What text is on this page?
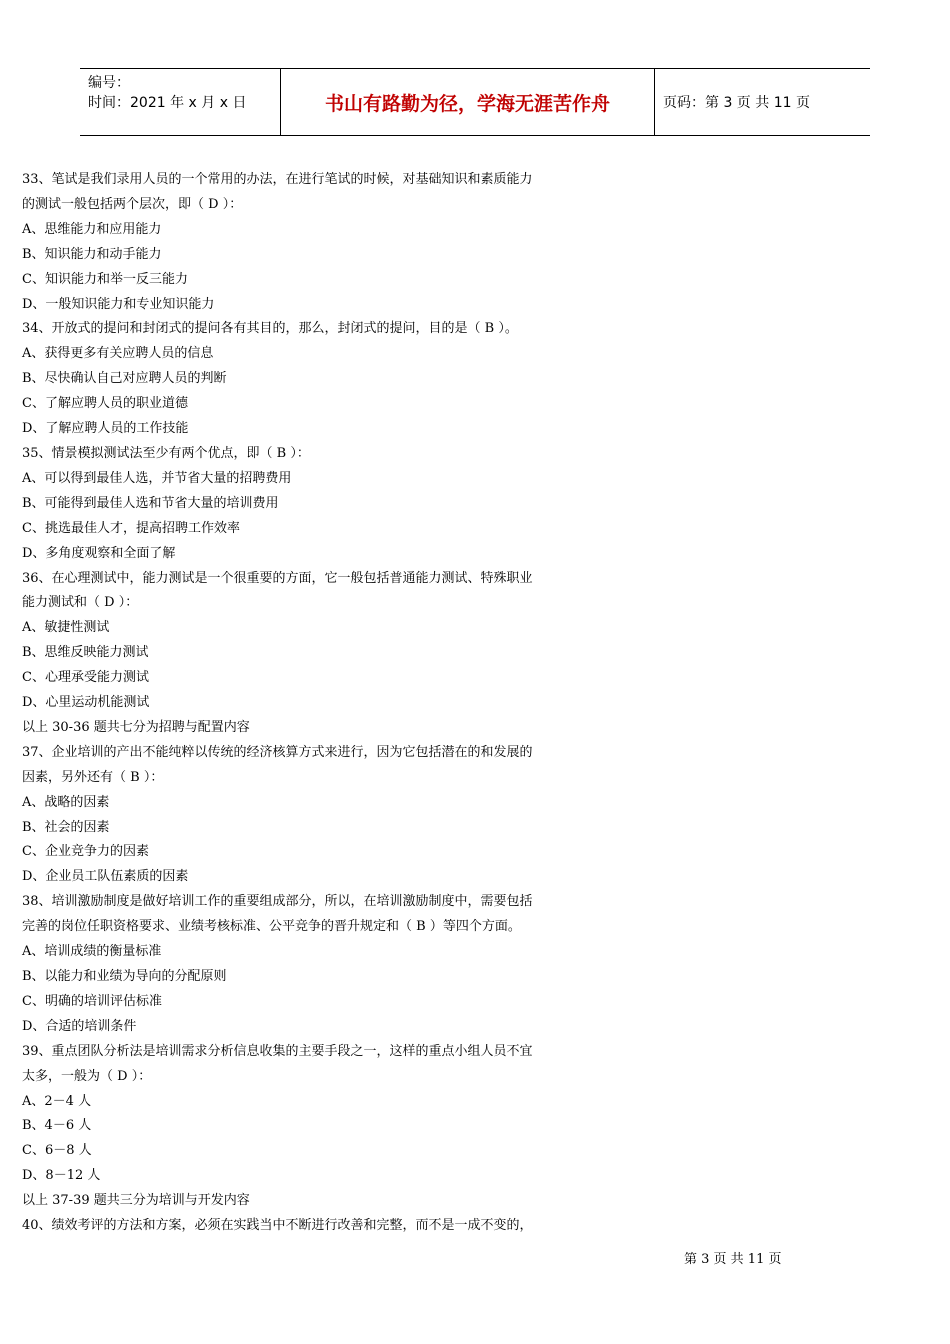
编号：
时间：2021 年 x 月 x 日	书山有路勤为径，学海无涯苦作舟	页码：第 3 页 共 11 页
33、笔试是我们录用人员的一个常用的办法，在进行笔试的时候，对基础知识和素质能力
的测试一般包括两个层次，即（ D ）：
A、思维能力和应用能力
B、知识能力和动手能力
C、知识能力和举一反三能力
D、一般知识能力和专业知识能力
34、开放式的提问和封闭式的提问各有其目的，那么，封闭式的提问，目的是（ B ）。
A、获得更多有关应聘人员的信息
B、尽快确认自己对应聘人员的判断
C、了解应聘人员的职业道德
D、了解应聘人员的工作技能
35、情景模拟测试法至少有两个优点，即（ B ）：
A、可以得到最佳人选，并节省大量的招聘费用
B、可能得到最佳人选和节省大量的培训费用
C、挑选最佳人才，提高招聘工作效率
D、多角度观察和全面了解
36、在心理测试中，能力测试是一个很重要的方面，它一般包括普通能力测试、特殊职业
能力测试和（ D ）：
A、敏捷性测试
B、思维反映能力测试
C、心理承受能力测试
D、心里运动机能测试
以上 30-36 题共七分为招聘与配置内容
37、企业培训的产出不能纯粹以传统的经济核算方式来进行，因为它包括潜在的和发展的
因素，另外还有（ B ）：
A、战略的因素
B、社会的因素
C、企业竞争力的因素
D、企业员工队伍素质的因素
38、培训激励制度是做好培训工作的重要组成部分，所以，在培训激励制度中，需要包括
完善的岗位任职资格要求、业绩考核标准、公平竞争的晋升规定和（ B ）等四个方面。
A、培训成绩的衡量标准
B、以能力和业绩为导向的分配原则
C、明确的培训评估标准
D、合适的培训条件
39、重点团队分析法是培训需求分析信息收集的主要手段之一，这样的重点小组人员不宜
太多，一般为（ D ）：
A、2－4 人
B、4－6 人
C、6－8 人
D、8－12 人
以上 37-39 题共三分为培训与开发内容
40、绩效考评的方法和方案，必须在实践当中不断进行改善和完整，而不是一成不变的，
第 3 页 共 11 页
